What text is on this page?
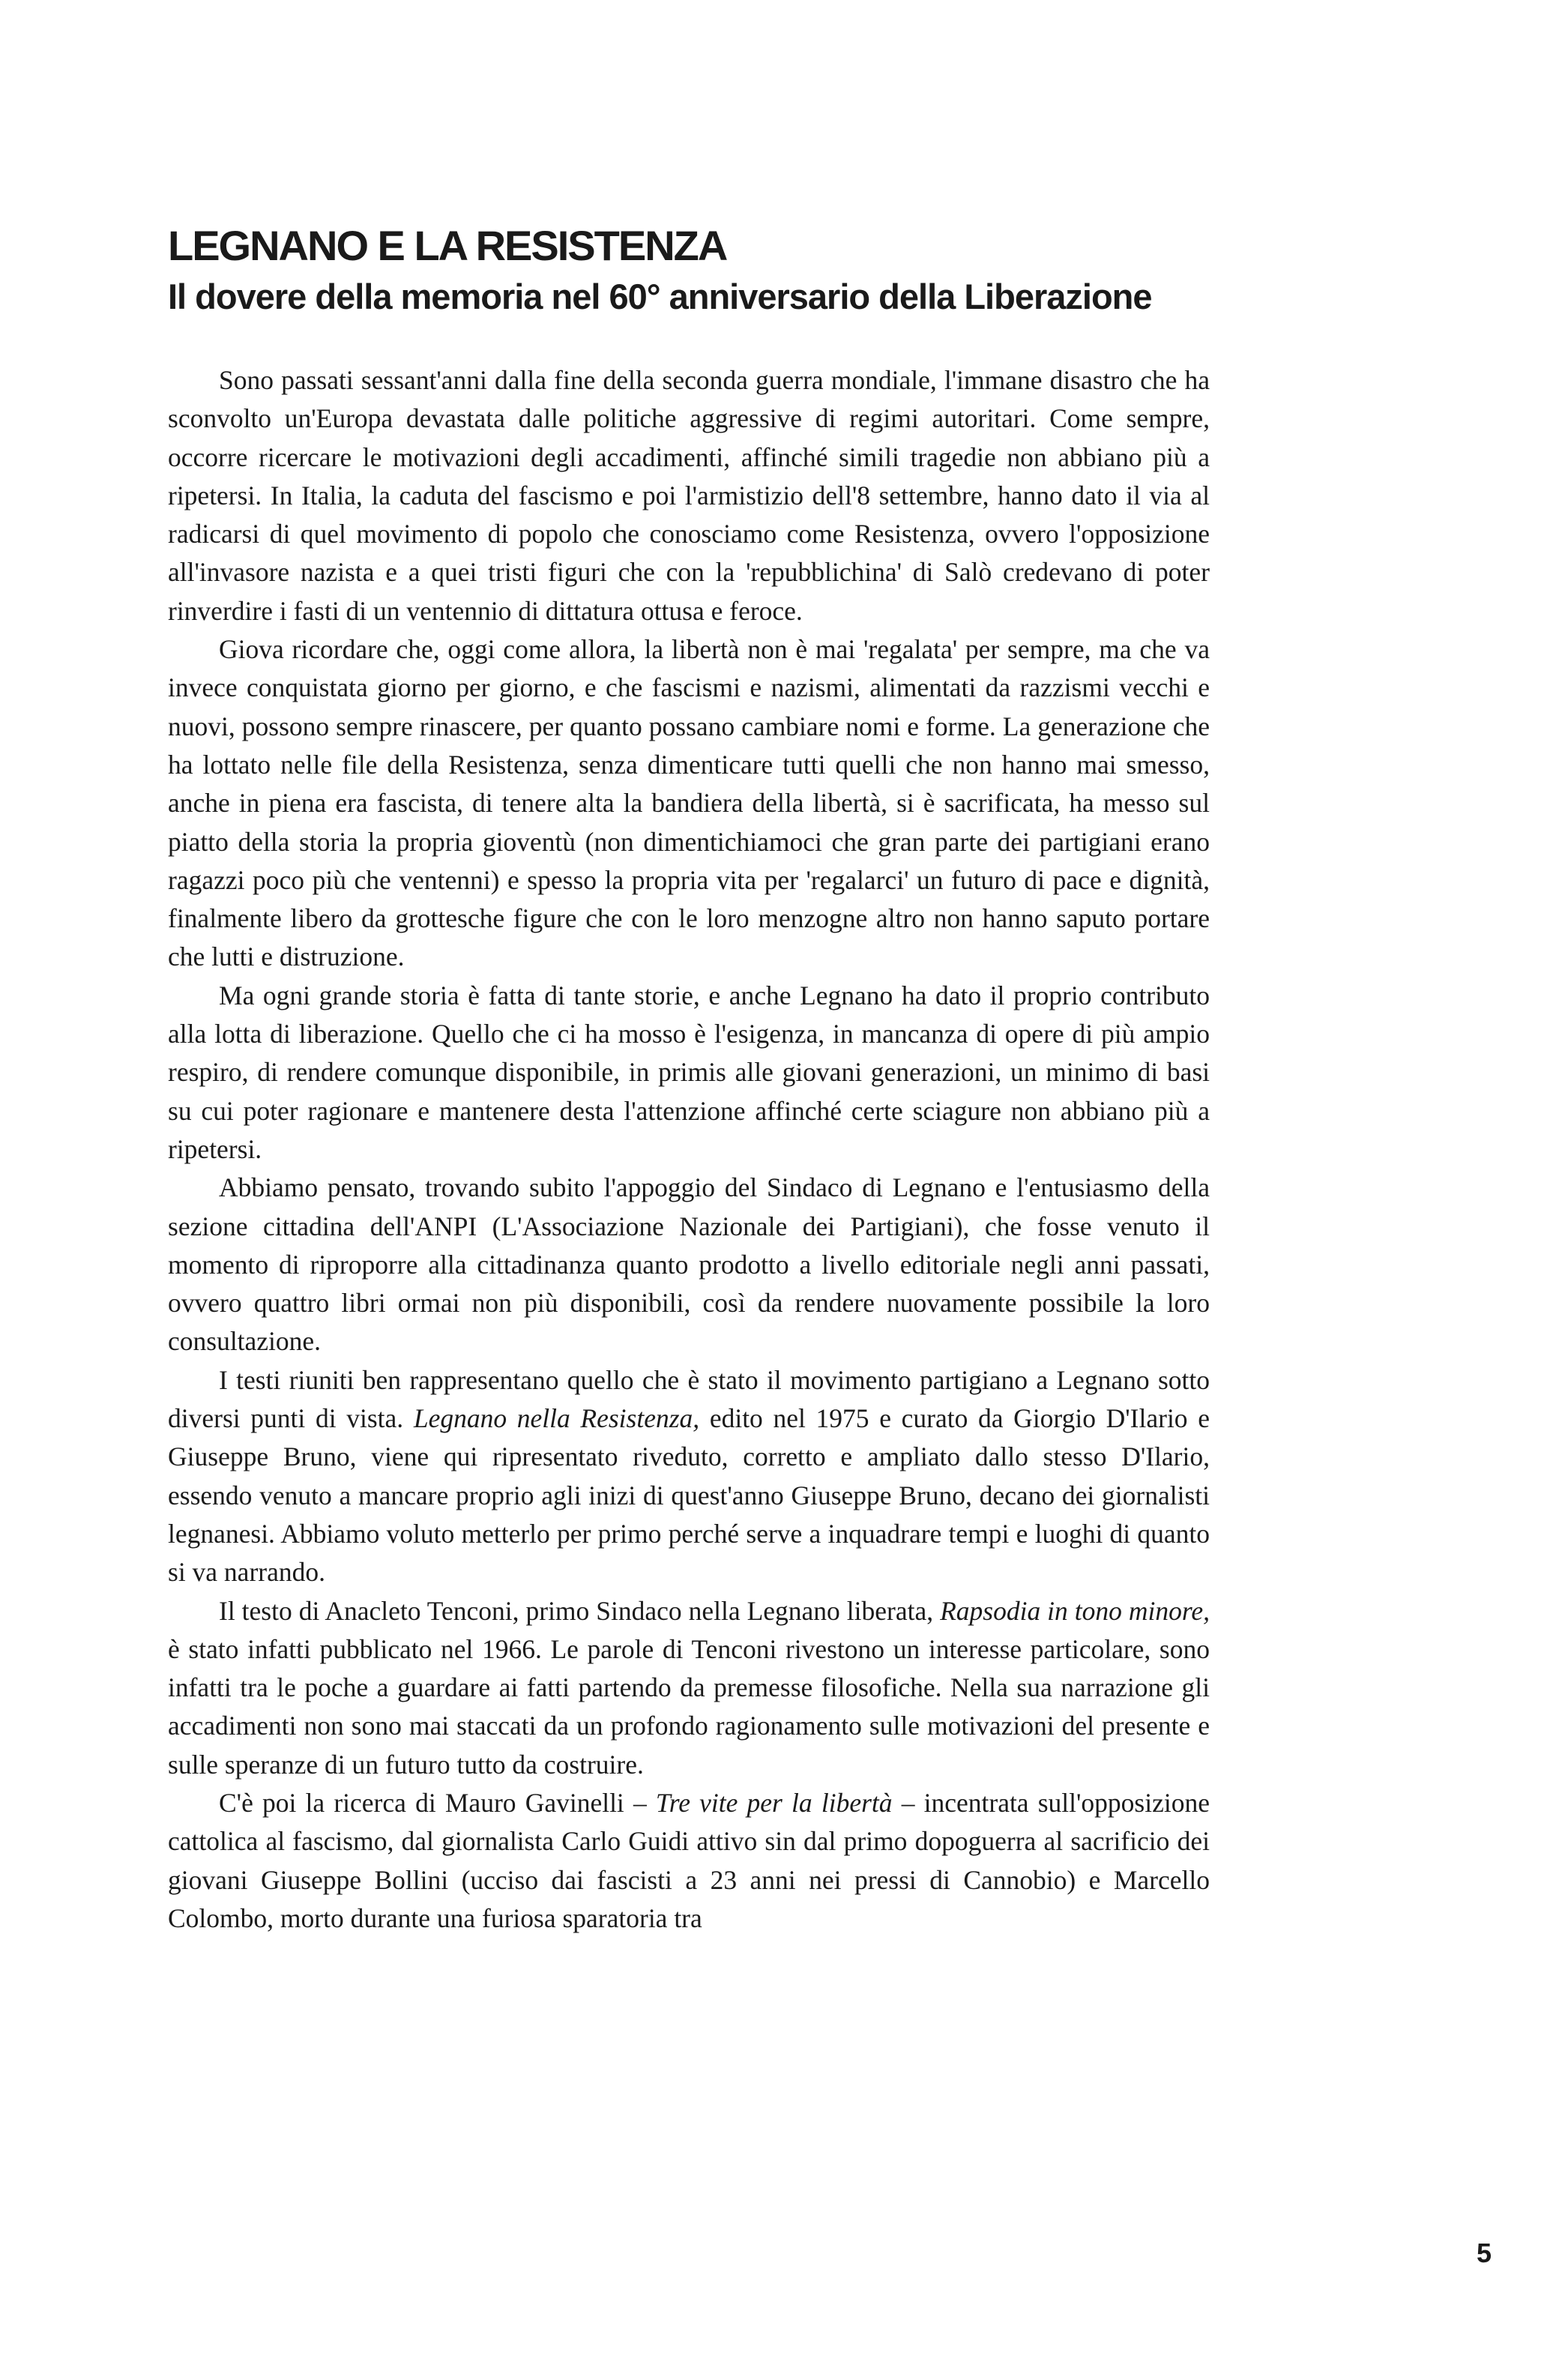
LEGNANO E LA RESISTENZA
Il dovere della memoria nel 60° anniversario della Liberazione

Sono passati sessant'anni dalla fine della seconda guerra mondiale, l'immane disastro che ha sconvolto un'Europa devastata dalle politiche aggressive di regimi autoritari. Come sempre, occorre ricercare le motivazioni degli accadimenti, affinché simili tragedie non abbiano più a ripetersi. In Italia, la caduta del fascismo e poi l'armistizio dell'8 settembre, hanno dato il via al radicarsi di quel movimento di popolo che conosciamo come Resistenza, ovvero l'opposizione all'invasore nazista e a quei tristi figuri che con la 'repubblichina' di Salò credevano di poter rinverdire i fasti di un ventennio di dittatura ottusa e feroce.

Giova ricordare che, oggi come allora, la libertà non è mai 'regalata' per sempre, ma che va invece conquistata giorno per giorno, e che fascismi e nazismi, alimentati da razzismi vecchi e nuovi, possono sempre rinascere, per quanto possano cambiare nomi e forme. La generazione che ha lottato nelle file della Resistenza, senza dimenticare tutti quelli che non hanno mai smesso, anche in piena era fascista, di tenere alta la bandiera della libertà, si è sacrificata, ha messo sul piatto della storia la propria gioventù (non dimentichiamoci che gran parte dei partigiani erano ragazzi poco più che ventenni) e spesso la propria vita per 'regalarci' un futuro di pace e dignità, finalmente libero da grottesche figure che con le loro menzogne altro non hanno saputo portare che lutti e distruzione.

Ma ogni grande storia è fatta di tante storie, e anche Legnano ha dato il proprio contributo alla lotta di liberazione. Quello che ci ha mosso è l'esigenza, in mancanza di opere di più ampio respiro, di rendere comunque disponibile, in primis alle giovani generazioni, un minimo di basi su cui poter ragionare e mantenere desta l'attenzione affinché certe sciagure non abbiano più a ripetersi.

Abbiamo pensato, trovando subito l'appoggio del Sindaco di Legnano e l'entusiasmo della sezione cittadina dell'ANPI (L'Associazione Nazionale dei Partigiani), che fosse venuto il momento di riproporre alla cittadinanza quanto prodotto a livello editoriale negli anni passati, ovvero quattro libri ormai non più disponibili, così da rendere nuovamente possibile la loro consultazione.

I testi riuniti ben rappresentano quello che è stato il movimento partigiano a Legnano sotto diversi punti di vista. Legnano nella Resistenza, edito nel 1975 e curato da Giorgio D'Ilario e Giuseppe Bruno, viene qui ripresentato riveduto, corretto e ampliato dallo stesso D'Ilario, essendo venuto a mancare proprio agli inizi di quest'anno Giuseppe Bruno, decano dei giornalisti legnanesi. Abbiamo voluto metterlo per primo perché serve a inquadrare tempi e luoghi di quanto si va narrando.

Il testo di Anacleto Tenconi, primo Sindaco nella Legnano liberata, Rapsodia in tono minore, è stato infatti pubblicato nel 1966. Le parole di Tenconi rivestono un interesse particolare, sono infatti tra le poche a guardare ai fatti partendo da premesse filosofiche. Nella sua narrazione gli accadimenti non sono mai staccati da un profondo ragionamento sulle motivazioni del presente e sulle speranze di un futuro tutto da costruire.

C'è poi la ricerca di Mauro Gavinelli – Tre vite per la libertà – incentrata sull'opposizione cattolica al fascismo, dal giornalista Carlo Guidi attivo sin dal primo dopoguerra al sacrificio dei giovani Giuseppe Bollini (ucciso dai fascisti a 23 anni nei pressi di Cannobio) e Marcello Colombo, morto durante una furiosa sparatoria tra

5
